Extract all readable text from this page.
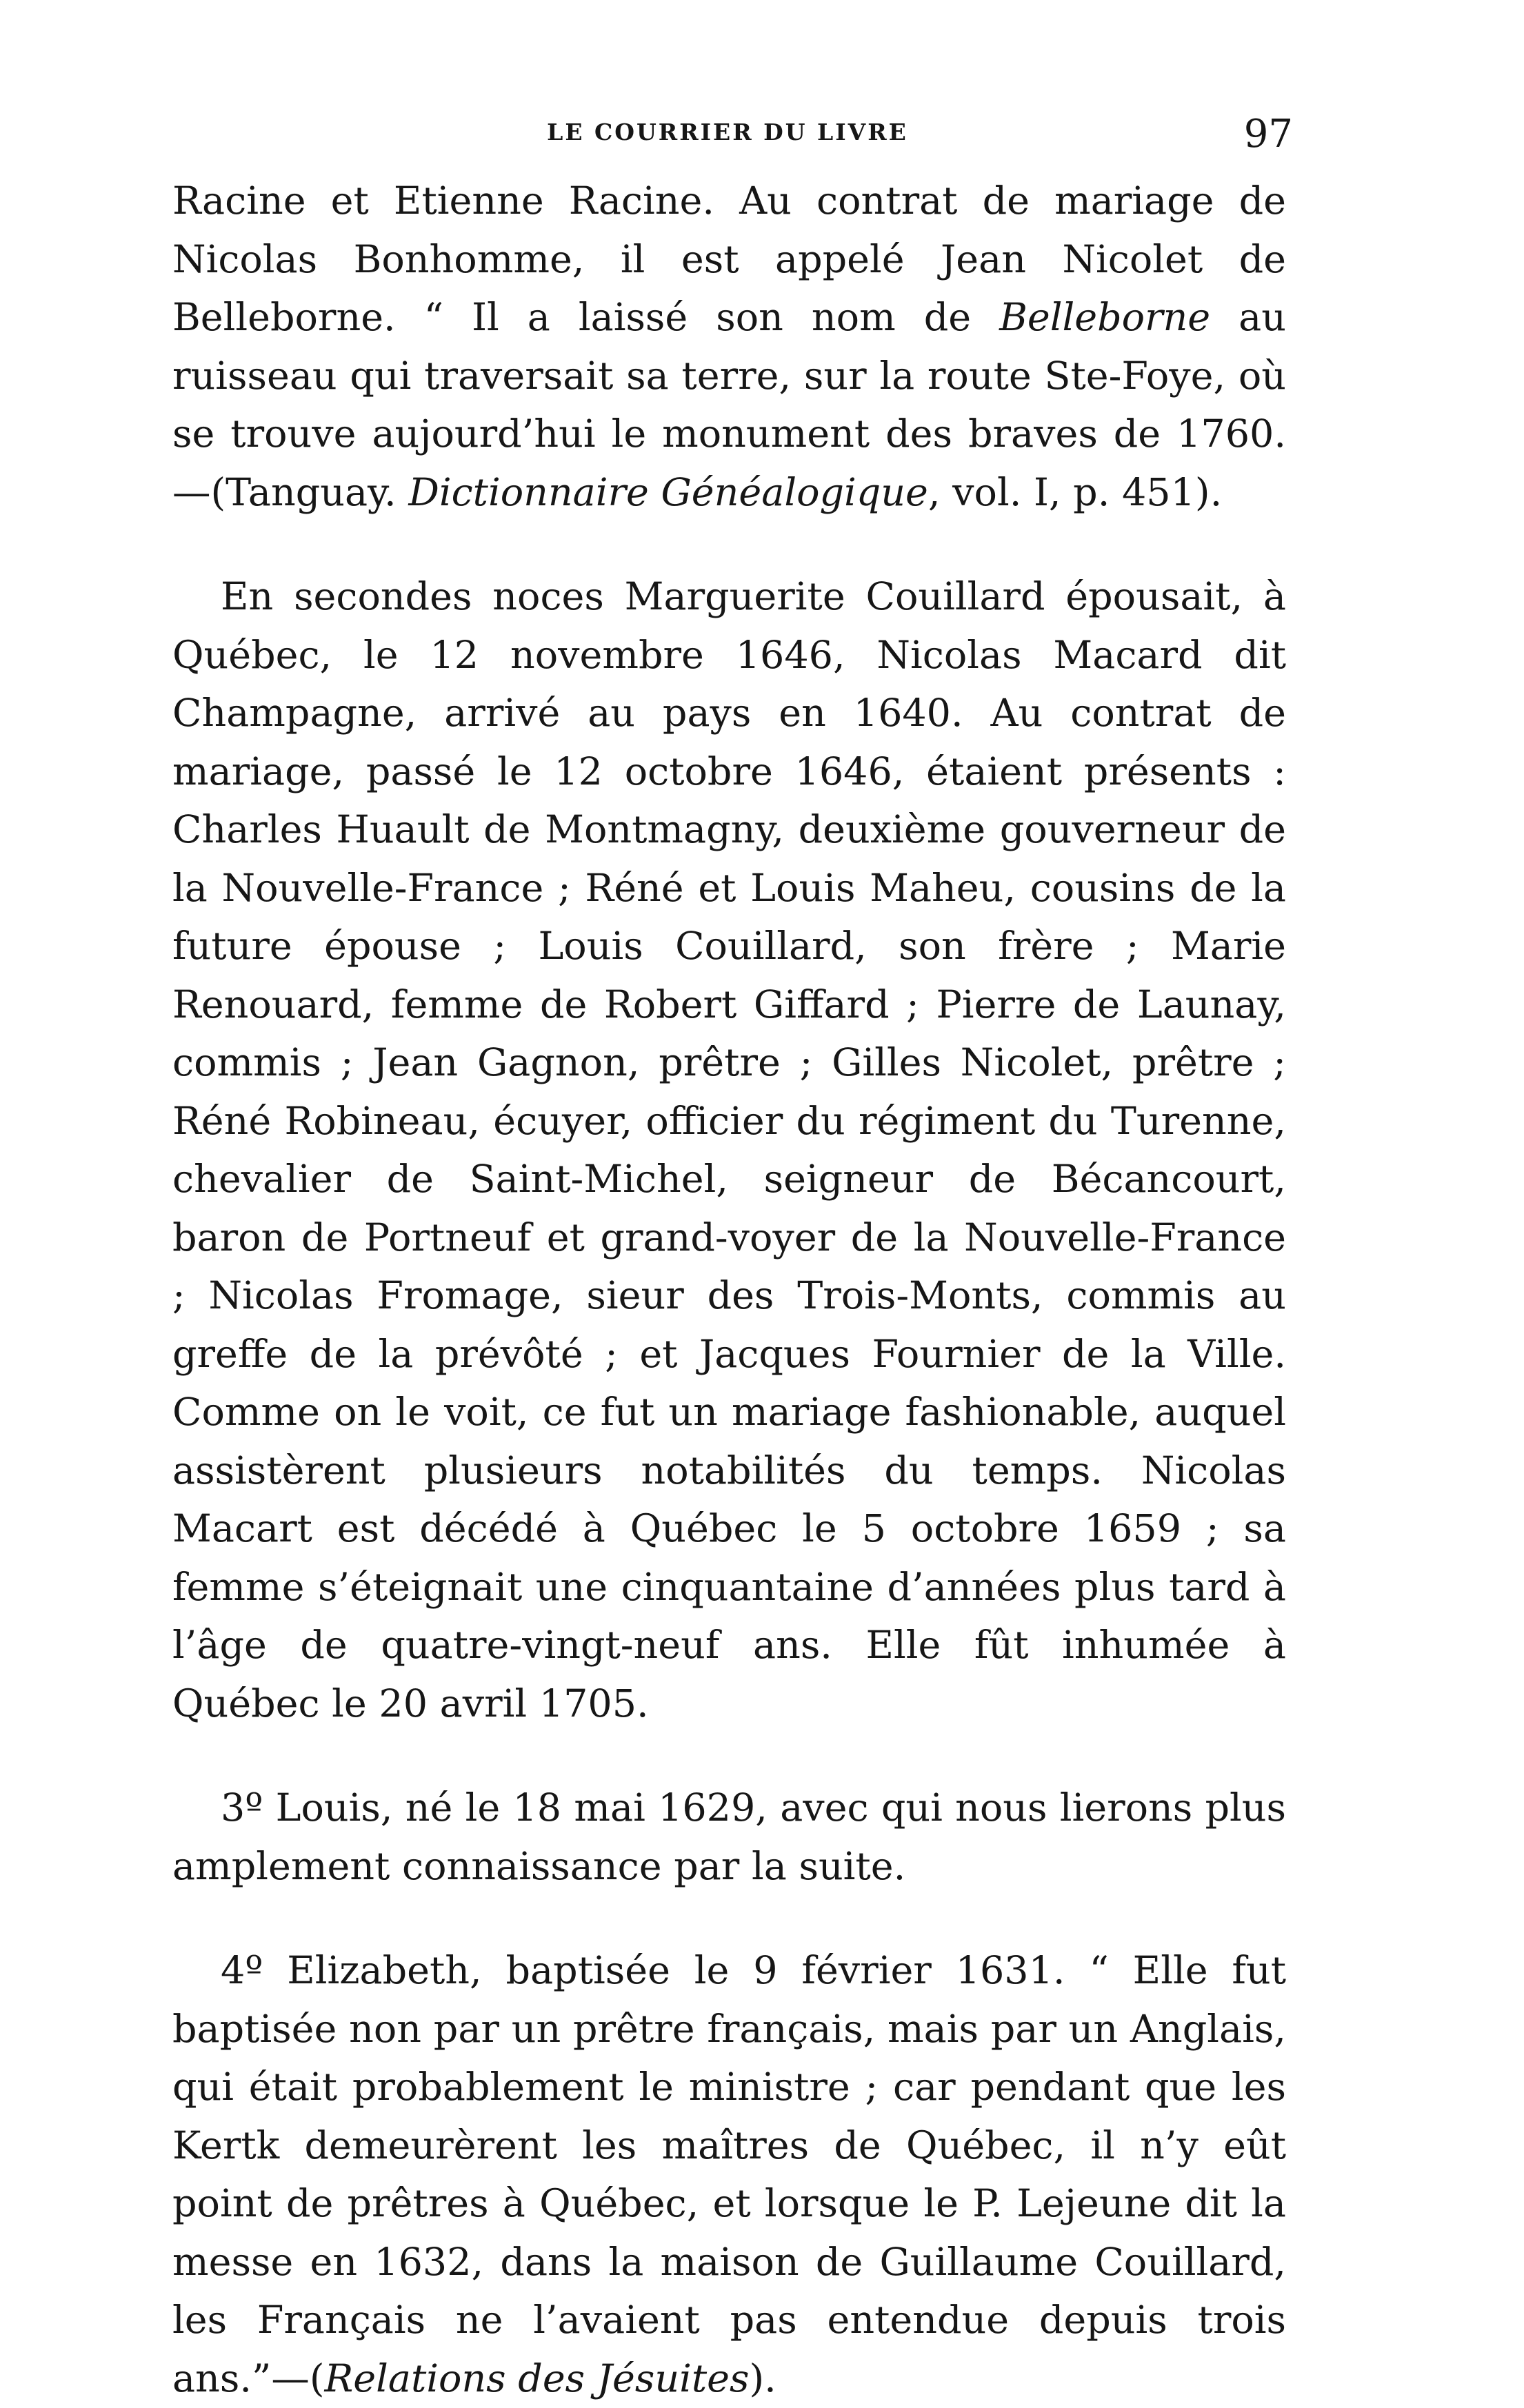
LE COURRIER DU LIVRE	97

Racine et Etienne Racine. Au contrat de mariage de Nicolas Bonhomme, il est appelé Jean Nicolet de Belleborne. “ Il a laissé son nom de Belleborne au ruisseau qui traversait sa terre, sur la route Ste-Foye, où se trouve aujourd’hui le monument des braves de 1760.—(Tanguay. Dictionnaire Généalogique, vol. I, p. 451).

En secondes noces Marguerite Couillard épousait, à Québec, le 12 novembre 1646, Nicolas Macard dit Champagne, arrivé au pays en 1640. Au contrat de mariage, passé le 12 octobre 1646, étaient présents : Charles Huault de Montmagny, deuxième gouverneur de la Nouvelle-France ; Réné et Louis Maheu, cousins de la future épouse ; Louis Couillard, son frère ; Marie Renouard, femme de Robert Giffard ; Pierre de Launay, commis ; Jean Gagnon, prêtre ; Gilles Nicolet, prêtre ; Réné Robineau, écuyer, officier du régiment du Turenne, chevalier de Saint-Michel, seigneur de Bécancourt, baron de Portneuf et grand-voyer de la Nouvelle-France ; Nicolas Fromage, sieur des Trois-Monts, commis au greffe de la prévôté ; et Jacques Fournier de la Ville. Comme on le voit, ce fut un mariage fashionable, auquel assistèrent plusieurs notabilités du temps. Nicolas Macart est décédé à Québec le 5 octobre 1659 ; sa femme s’éteignait une cinquantaine d’années plus tard à l’âge de quatre-vingt-neuf ans. Elle fût inhumée à Québec le 20 avril 1705.

3º Louis, né le 18 mai 1629, avec qui nous lierons plus amplement connaissance par la suite.

4º Elizabeth, baptisée le 9 février 1631. “ Elle fut baptisée non par un prêtre français, mais par un Anglais, qui était probablement le ministre ; car pendant que les Kertk demeurèrent les maîtres de Québec, il n’y eût point de prêtres à Québec, et lorsque le P. Lejeune dit la messe en 1632, dans la maison de Guillaume Couillard, les Français ne l’avaient pas entendue depuis trois ans.”—(Relations des Jésuites).
